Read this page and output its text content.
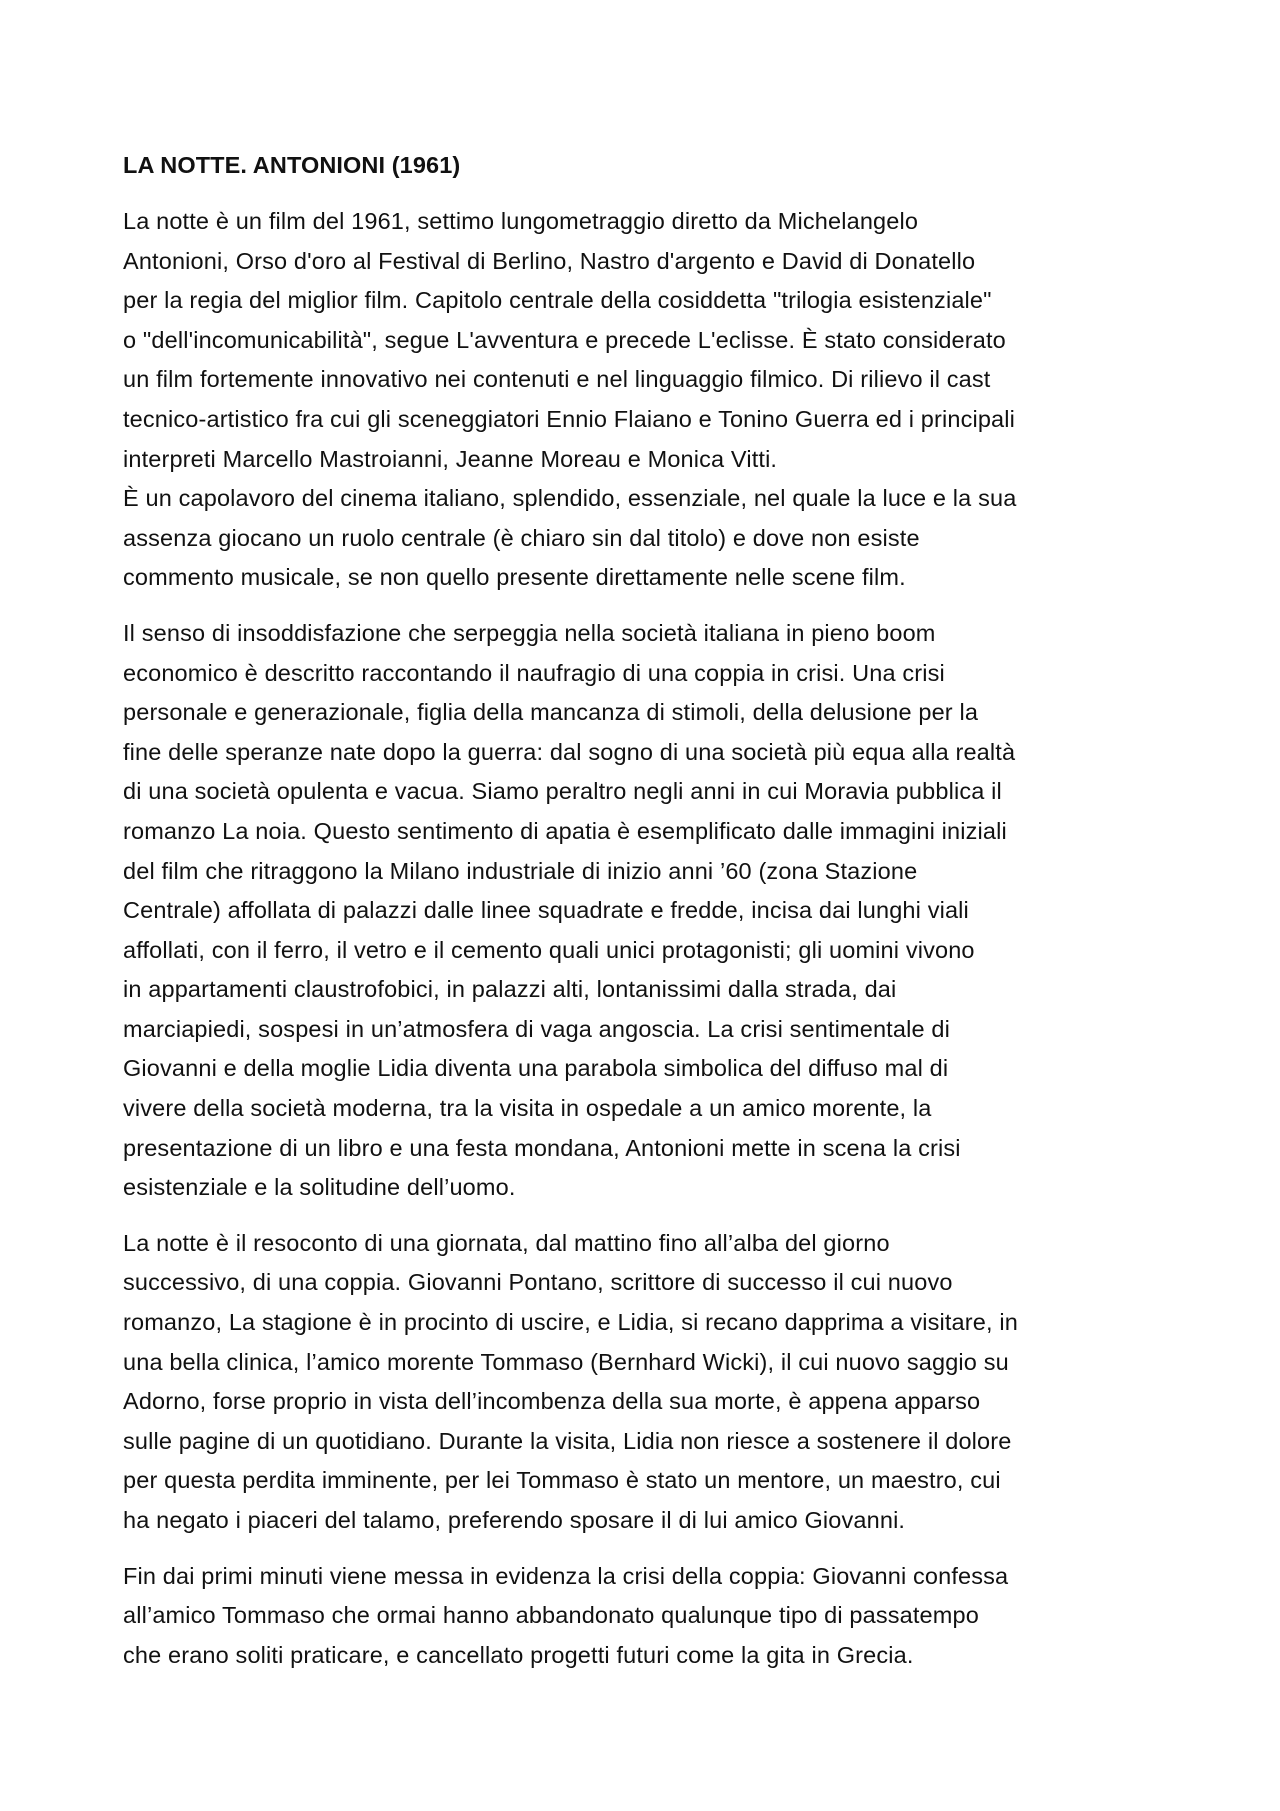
LA NOTTE. ANTONIONI (1961)

La notte è un film del 1961, settimo lungometraggio diretto da Michelangelo
Antonioni, Orso d'oro al Festival di Berlino, Nastro d'argento e David di Donatello
per la regia del miglior film. Capitolo centrale della cosiddetta "trilogia esistenziale"
o "dell'incomunicabilità", segue L'avventura e precede L'eclisse. È stato considerato
un film fortemente innovativo nei contenuti e nel linguaggio filmico. Di rilievo il cast
tecnico-artistico fra cui gli sceneggiatori Ennio Flaiano e Tonino Guerra ed i principali
interpreti Marcello Mastroianni, Jeanne Moreau e Monica Vitti.
È un capolavoro del cinema italiano, splendido, essenziale, nel quale la luce e la sua
assenza giocano un ruolo centrale (è chiaro sin dal titolo) e dove non esiste
commento musicale, se non quello presente direttamente nelle scene film.

Il senso di insoddisfazione che serpeggia nella società italiana in pieno boom
economico è descritto raccontando il naufragio di una coppia in crisi. Una crisi
personale e generazionale, figlia della mancanza di stimoli, della delusione per la
fine delle speranze nate dopo la guerra: dal sogno di una società più equa alla realtà
di una società opulenta e vacua. Siamo peraltro negli anni in cui Moravia pubblica il
romanzo La noia. Questo sentimento di apatia è esemplificato dalle immagini iniziali
del film che ritraggono la Milano industriale di inizio anni ’60 (zona Stazione
Centrale) affollata di palazzi dalle linee squadrate e fredde, incisa dai lunghi viali
affollati, con il ferro, il vetro e il cemento quali unici protagonisti; gli uomini vivono
in appartamenti claustrofobici, in palazzi alti, lontanissimi dalla strada, dai
marciapiedi, sospesi in un’atmosfera di vaga angoscia. La crisi sentimentale di
Giovanni e della moglie Lidia diventa una parabola simbolica del diffuso mal di
vivere della società moderna, tra la visita in ospedale a un amico morente, la
presentazione di un libro e una festa mondana, Antonioni mette in scena la crisi
esistenziale e la solitudine dell’uomo.

La notte è il resoconto di una giornata, dal mattino fino all’alba del giorno
successivo, di una coppia. Giovanni Pontano, scrittore di successo il cui nuovo
romanzo, La stagione è in procinto di uscire, e Lidia, si recano dapprima a visitare, in
una bella clinica, l’amico morente Tommaso (Bernhard Wicki), il cui nuovo saggio su
Adorno, forse proprio in vista dell’incombenza della sua morte, è appena apparso
sulle pagine di un quotidiano. Durante la visita, Lidia non riesce a sostenere il dolore
per questa perdita imminente, per lei Tommaso è stato un mentore, un maestro, cui
ha negato i piaceri del talamo, preferendo sposare il di lui amico Giovanni.

Fin dai primi minuti viene messa in evidenza la crisi della coppia: Giovanni confessa
all’amico Tommaso che ormai hanno abbandonato qualunque tipo di passatempo
che erano soliti praticare, e cancellato progetti futuri come la gita in Grecia.
